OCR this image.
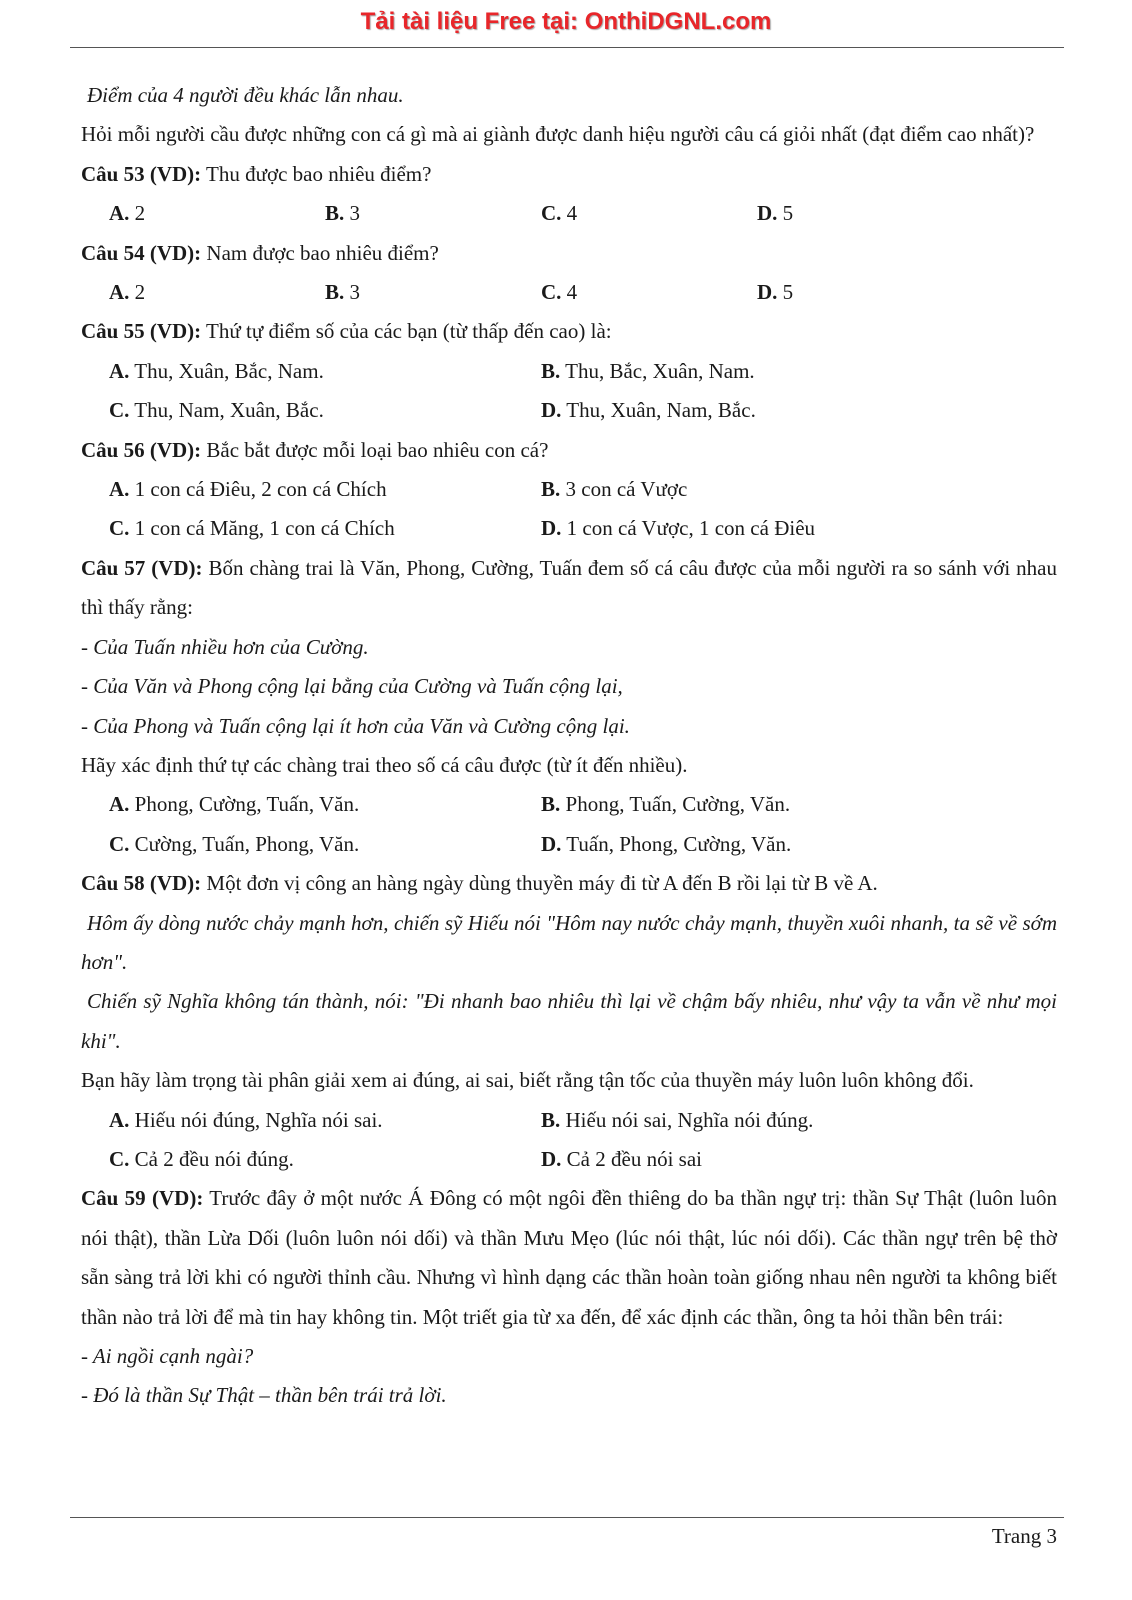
Tải tài liệu Free tại: OnthiDGNL.com

Điểm của 4 người đều khác lẫn nhau.

Hỏi mỗi người cầu được những con cá gì mà ai giành được danh hiệu người câu cá giỏi nhất (đạt điểm cao nhất)?

Câu 53 (VD): Thu được bao nhiêu điểm?

A. 2	B. 3	C. 4	D. 5

Câu 54 (VD): Nam được bao nhiêu điểm?

A. 2	B. 3	C. 4	D. 5

Câu 55 (VD): Thứ tự điểm số của các bạn (từ thấp đến cao) là:

A. Thu, Xuân, Bắc, Nam.	B. Thu, Bắc, Xuân, Nam.
C. Thu, Nam, Xuân, Bắc.	D. Thu, Xuân, Nam, Bắc.

Câu 56 (VD): Bắc bắt được mỗi loại bao nhiêu con cá?

A. 1 con cá Điêu, 2 con cá Chích	B. 3 con cá Vược
C. 1 con cá Măng, 1 con cá Chích	D. 1 con cá Vược, 1 con cá Điêu

Câu 57 (VD): Bốn chàng trai là Văn, Phong, Cường, Tuấn đem số cá câu được của mỗi người ra so sánh với nhau thì thấy rằng:

- Của Tuấn nhiều hơn của Cường.

- Của Văn và Phong cộng lại bằng của Cường và Tuấn cộng lại,

- Của Phong và Tuấn cộng lại ít hơn của Văn và Cường cộng lại.

Hãy xác định thứ tự các chàng trai theo số cá câu được (từ ít đến nhiều).

A. Phong, Cường, Tuấn, Văn.	B. Phong, Tuấn, Cường, Văn.
C. Cường, Tuấn, Phong, Văn.	D. Tuấn, Phong, Cường, Văn.

Câu 58 (VD): Một đơn vị công an hàng ngày dùng thuyền máy đi từ A đến B rồi lại từ B về A.

Hôm ấy dòng nước chảy mạnh hơn, chiến sỹ Hiếu nói "Hôm nay nước chảy mạnh, thuyền xuôi nhanh, ta sẽ về sớm hơn".

Chiến sỹ Nghĩa không tán thành, nói: "Đi nhanh bao nhiêu thì lại về chậm bấy nhiêu, như vậy ta vẫn về như mọi khi".

Bạn hãy làm trọng tài phân giải xem ai đúng, ai sai, biết rằng tận tốc của thuyền máy luôn luôn không đổi.

A. Hiếu nói đúng, Nghĩa nói sai.	B. Hiếu nói sai, Nghĩa nói đúng.
C. Cả 2 đều nói đúng.	D. Cả 2 đều nói sai

Câu 59 (VD): Trước đây ở một nước Á Đông có một ngôi đền thiêng do ba thần ngự trị: thần Sự Thật (luôn luôn nói thật), thần Lừa Dối (luôn luôn nói dối) và thần Mưu Mẹo (lúc nói thật, lúc nói dối). Các thần ngự trên bệ thờ sẵn sàng trả lời khi có người thỉnh cầu. Nhưng vì hình dạng các thần hoàn toàn giống nhau nên người ta không biết thần nào trả lời để mà tin hay không tin. Một triết gia từ xa đến, để xác định các thần, ông ta hỏi thần bên trái:

- Ai ngồi cạnh ngài?

- Đó là thần Sự Thật – thần bên trái trả lời.

Trang 3
